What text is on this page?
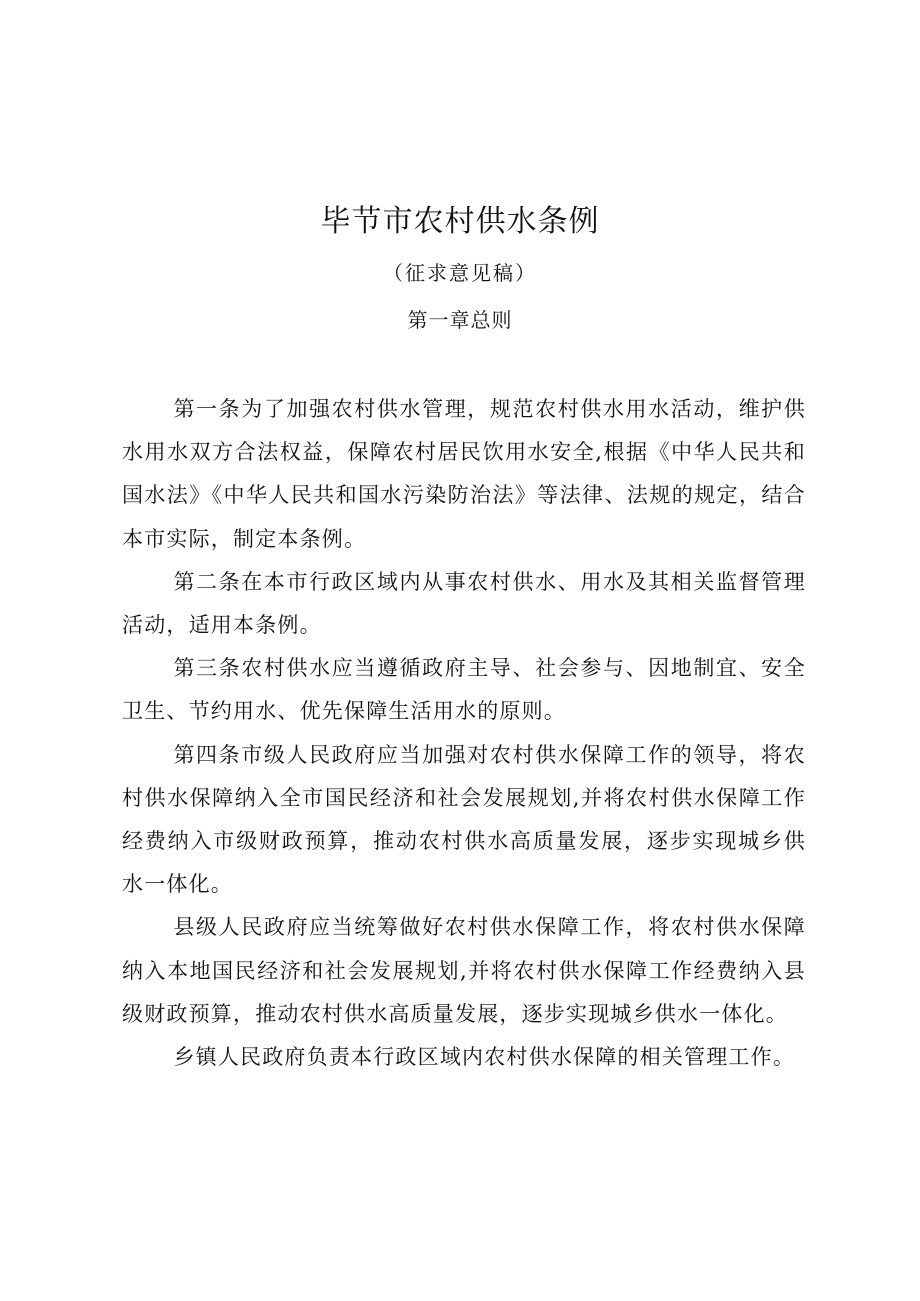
毕节市农村供水条例
（征求意见稿）
第一章总则

第一条为了加强农村供水管理，规范农村供水用水活动，维护供水用水双方合法权益，保障农村居民饮用水安全,根据《中华人民共和国水法》《中华人民共和国水污染防治法》等法律、法规的规定，结合本市实际，制定本条例。

第二条在本市行政区域内从事农村供水、用水及其相关监督管理活动，适用本条例。

第三条农村供水应当遵循政府主导、社会参与、因地制宜、安全卫生、节约用水、优先保障生活用水的原则。

第四条市级人民政府应当加强对农村供水保障工作的领导，将农村供水保障纳入全市国民经济和社会发展规划,并将农村供水保障工作经费纳入市级财政预算，推动农村供水高质量发展，逐步实现城乡供水一体化。

县级人民政府应当统筹做好农村供水保障工作，将农村供水保障纳入本地国民经济和社会发展规划,并将农村供水保障工作经费纳入县级财政预算，推动农村供水高质量发展，逐步实现城乡供水一体化。

乡镇人民政府负责本行政区域内农村供水保障的相关管理工作。
